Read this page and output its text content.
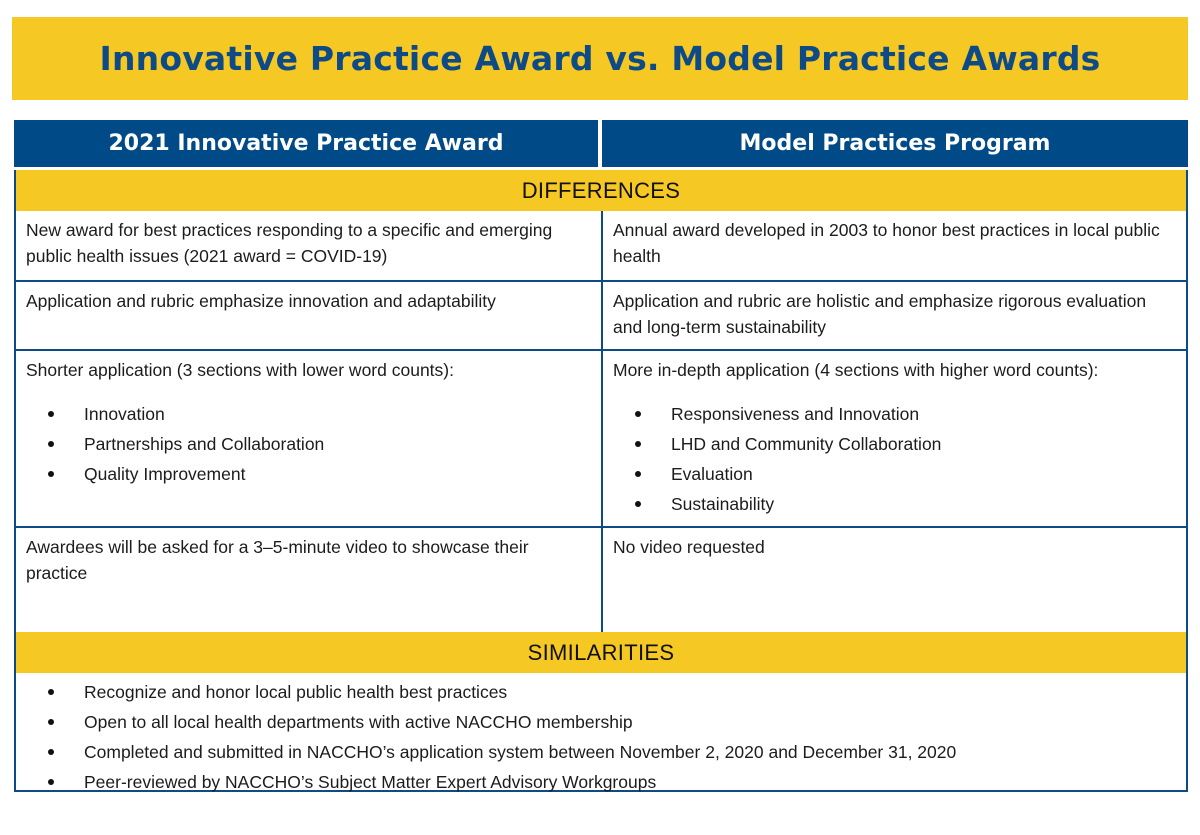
Innovative Practice Award vs. Model Practice Awards
2021 Innovative Practice Award	Model Practices Program
DIFFERENCES
New award for best practices responding to a specific and emerging public health issues (2021 award = COVID-19)
Annual award developed in 2003 to honor best practices in local public health
Application and rubric emphasize innovation and adaptability	Application and rubric are holistic and emphasize rigorous evaluation and long-term sustainability
Shorter application (3 sections with lower word counts):
Innovation
Partnerships and Collaboration
Quality Improvement
More in-depth application (4 sections with higher word counts):
Responsiveness and Innovation
LHD and Community Collaboration
Evaluation
Sustainability
Awardees will be asked for a 3–5-minute video to showcase their practice
No video requested
SIMILARITIES
Recognize and honor local public health best practices
Open to all local health departments with active NACCHO membership
Completed and submitted in NACCHO’s application system between November 2, 2020 and December 31, 2020
Peer-reviewed by NACCHO’s Subject Matter Expert Advisory Workgroups
